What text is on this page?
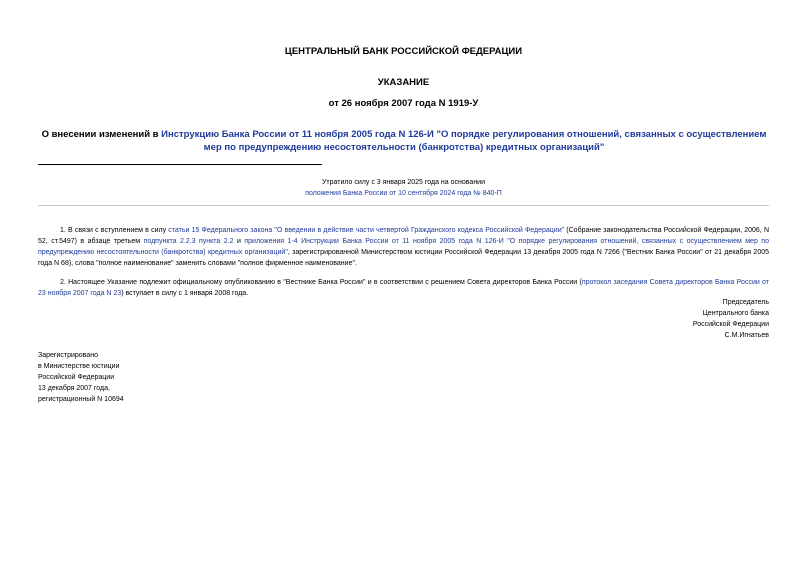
ЦЕНТРАЛЬНЫЙ БАНК РОССИЙСКОЙ ФЕДЕРАЦИИ
УКАЗАНИЕ
от 26 ноября 2007 года N 1919-У
О внесении изменений в Инструкцию Банка России от 11 ноября 2005 года N 126-И "О порядке регулирования отношений, связанных с осуществлением мер по предупреждению несостоятельности (банкротства) кредитных организаций"
Утратило силу с 3 января 2025 года на основании
положения Банка России от 10 сентября 2024 года № 840-П
1. В связи с вступлением в силу статьи 15 Федерального закона "О введении в действие части четвертой Гражданского кодекса Российской Федерации" (Собрание законодательства Российской Федерации, 2006, N 52, ст.5497) в абзаце третьем подпункта 2.2.3 пункта 2.2 и приложения 1-4 Инструкции Банка России от 11 ноября 2005 года N 126-И "О порядке регулирования отношений, связанных с осуществлением мер по предупреждению несостоятельности (банкротства) кредитных организаций", зарегистрированной Министерством юстиции Российской Федерации 13 декабря 2005 года N 7266 ("Вестник Банка России" от 21 декабря 2005 года N 68), слова "полное наименование" заменить словами "полное фирменное наименование".
2. Настоящее Указание подлежит официальному опубликованию в "Вестнике Банка России" и в соответствии с решением Совета директоров Банка России (протокол заседания Совета директоров Банка России от 23 ноября 2007 года N 23) вступает в силу с 1 января 2008 года.
Председатель
Центрального банка
Российской Федерации
С.М.Игнатьев
Зарегистрировано
в Министерстве юстиции
Российской Федерации
13 декабря 2007 года,
регистрационный N 10694
